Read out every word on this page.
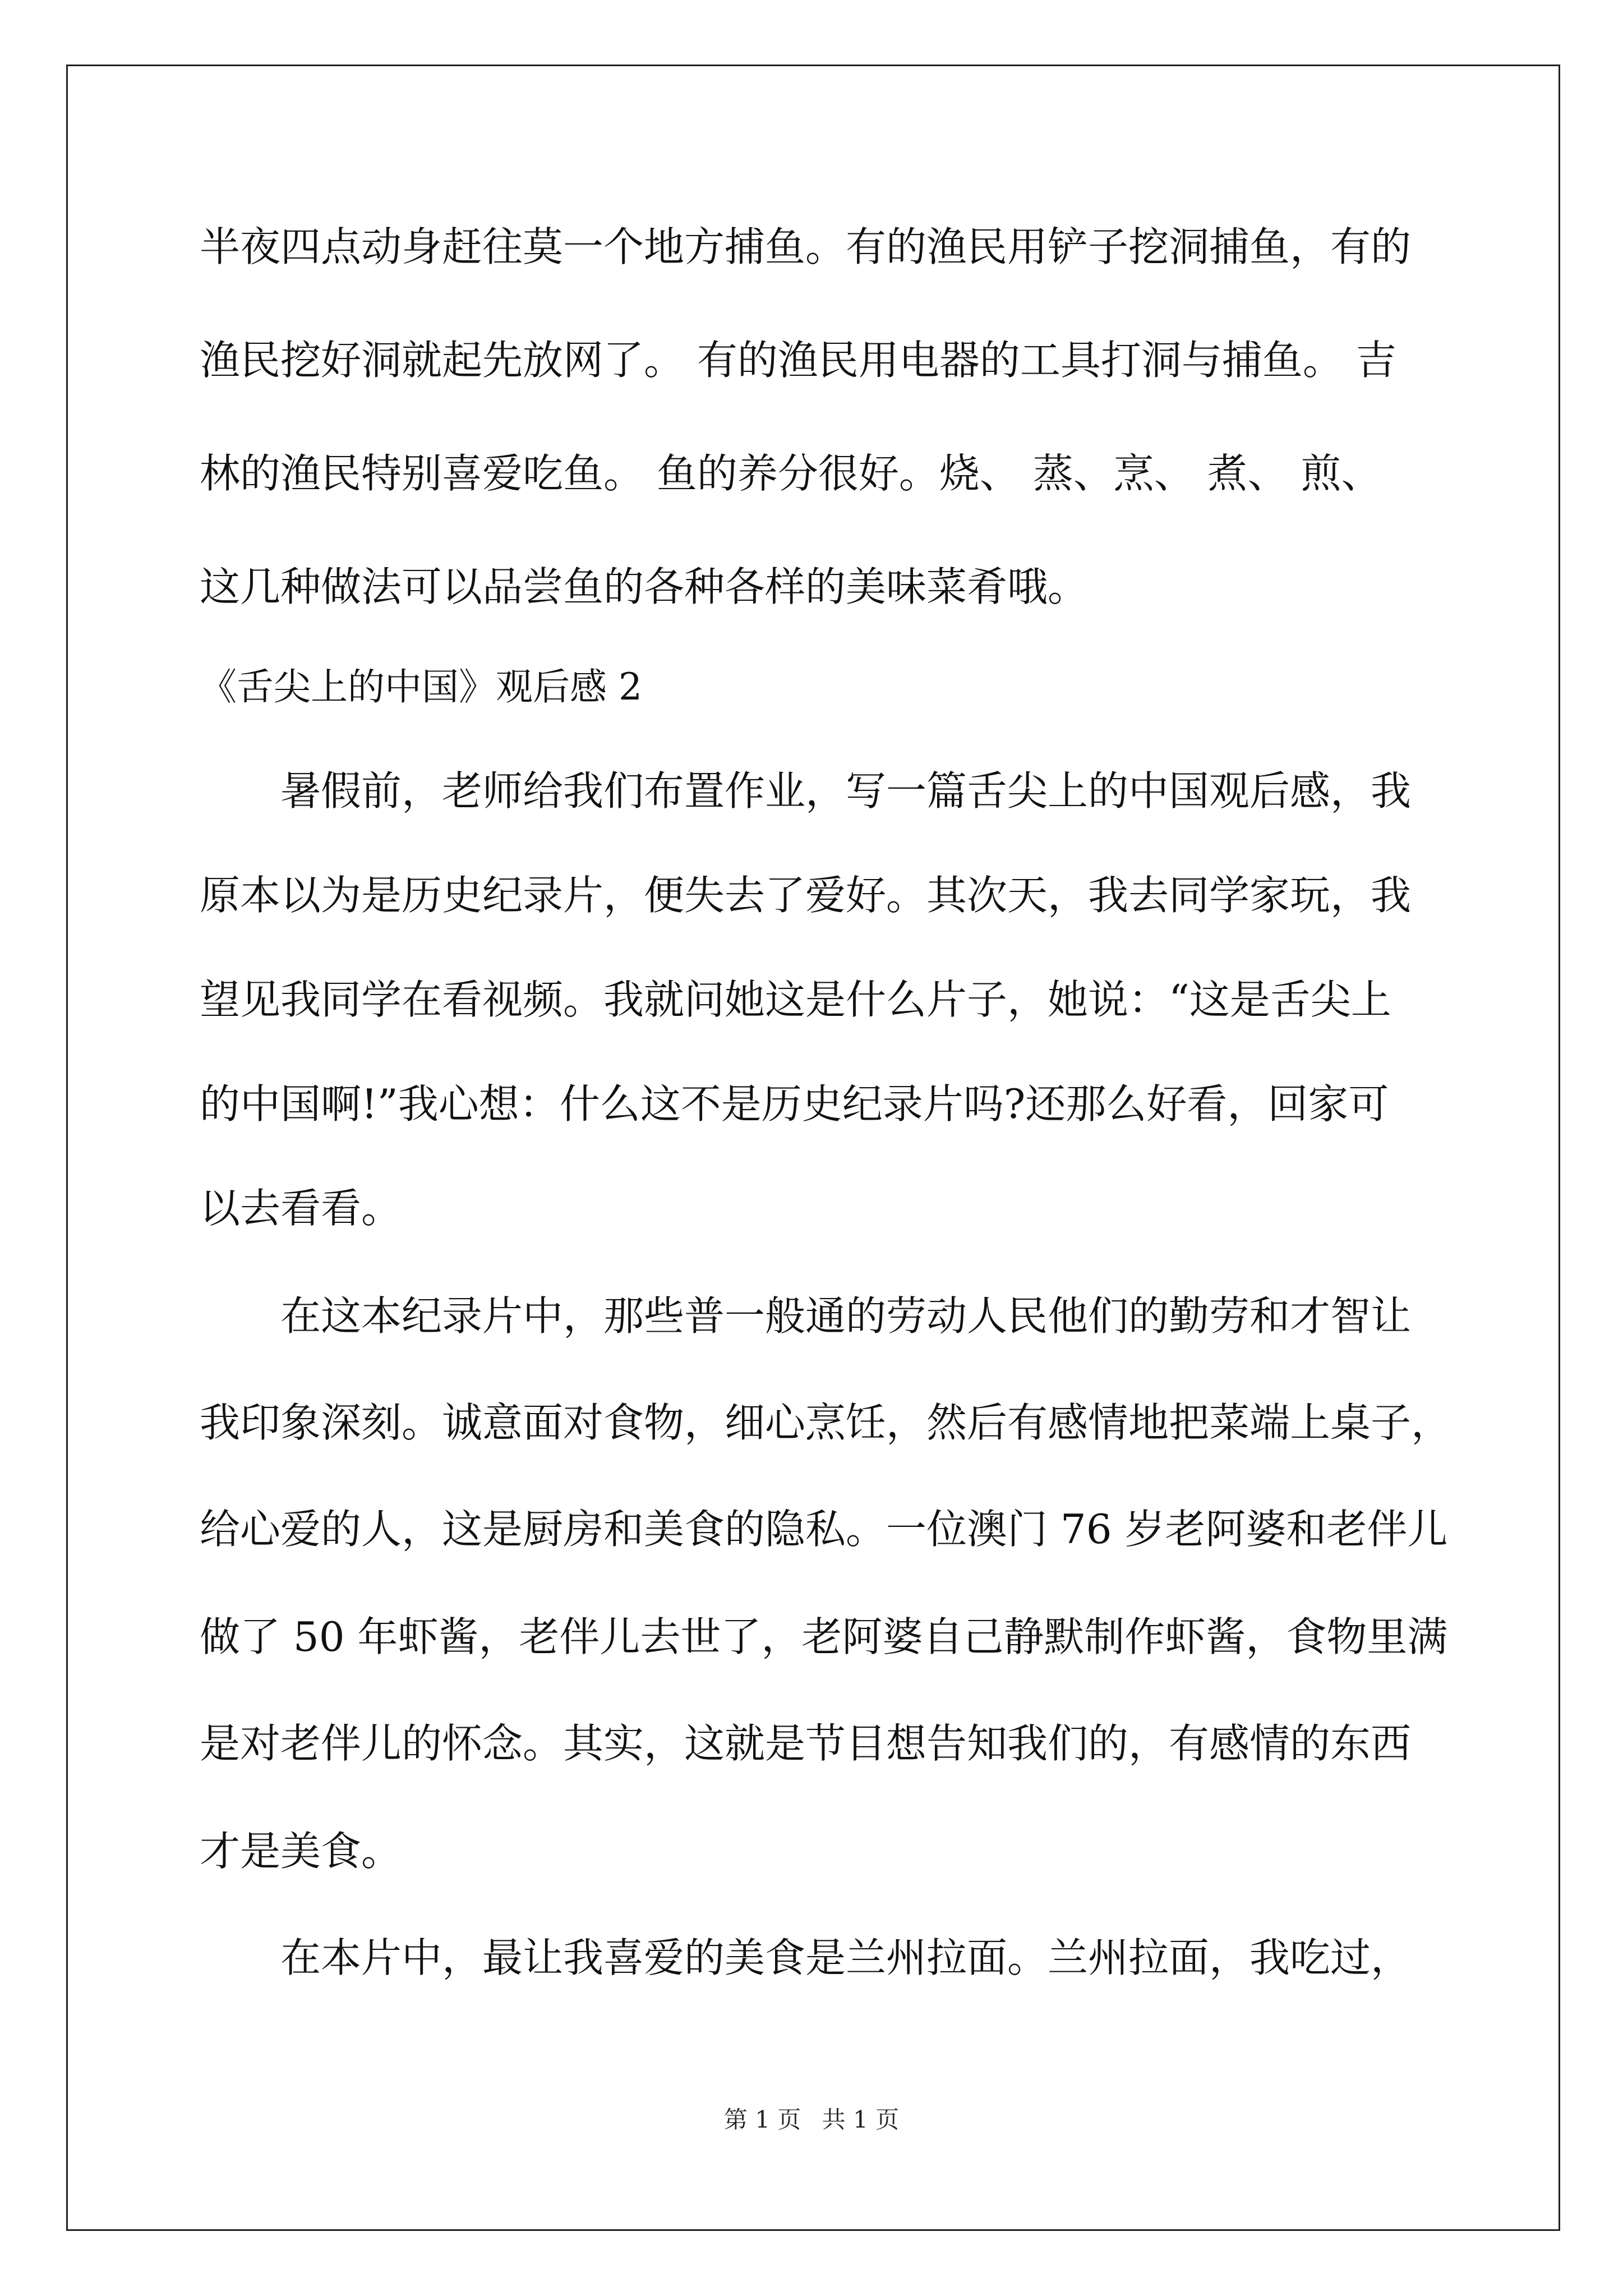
半夜四点动身赶往莫一个地方捕鱼。有的渔民用铲子挖洞捕鱼，有的

渔民挖好洞就起先放网了。 有的渔民用电器的工具打洞与捕鱼。 吉

林的渔民特别喜爱吃鱼。 鱼的养分很好。烧、 蒸、烹、 煮、 煎、

这几种做法可以品尝鱼的各种各样的美味菜肴哦。

《舌尖上的中国》观后感 2

暑假前，老师给我们布置作业，写一篇舌尖上的中国观后感，我

原本以为是历史纪录片，便失去了爱好。其次天，我去同学家玩，我

望见我同学在看视频。我就问她这是什么片子，她说：“这是舌尖上

的中国啊!”我心想：什么这不是历史纪录片吗?还那么好看，回家可

以去看看。

在这本纪录片中，那些普一般通的劳动人民他们的勤劳和才智让

我印象深刻。诚意面对食物，细心烹饪，然后有感情地把菜端上桌子，

给心爱的人，这是厨房和美食的隐私。一位澳门 76 岁老阿婆和老伴儿

做了 50 年虾酱，老伴儿去世了，老阿婆自己静默制作虾酱，食物里满

是对老伴儿的怀念。其实，这就是节目想告知我们的，有感情的东西

才是美食。

在本片中，最让我喜爱的美食是兰州拉面。兰州拉面，我吃过，

第 1 页 共 1 页
